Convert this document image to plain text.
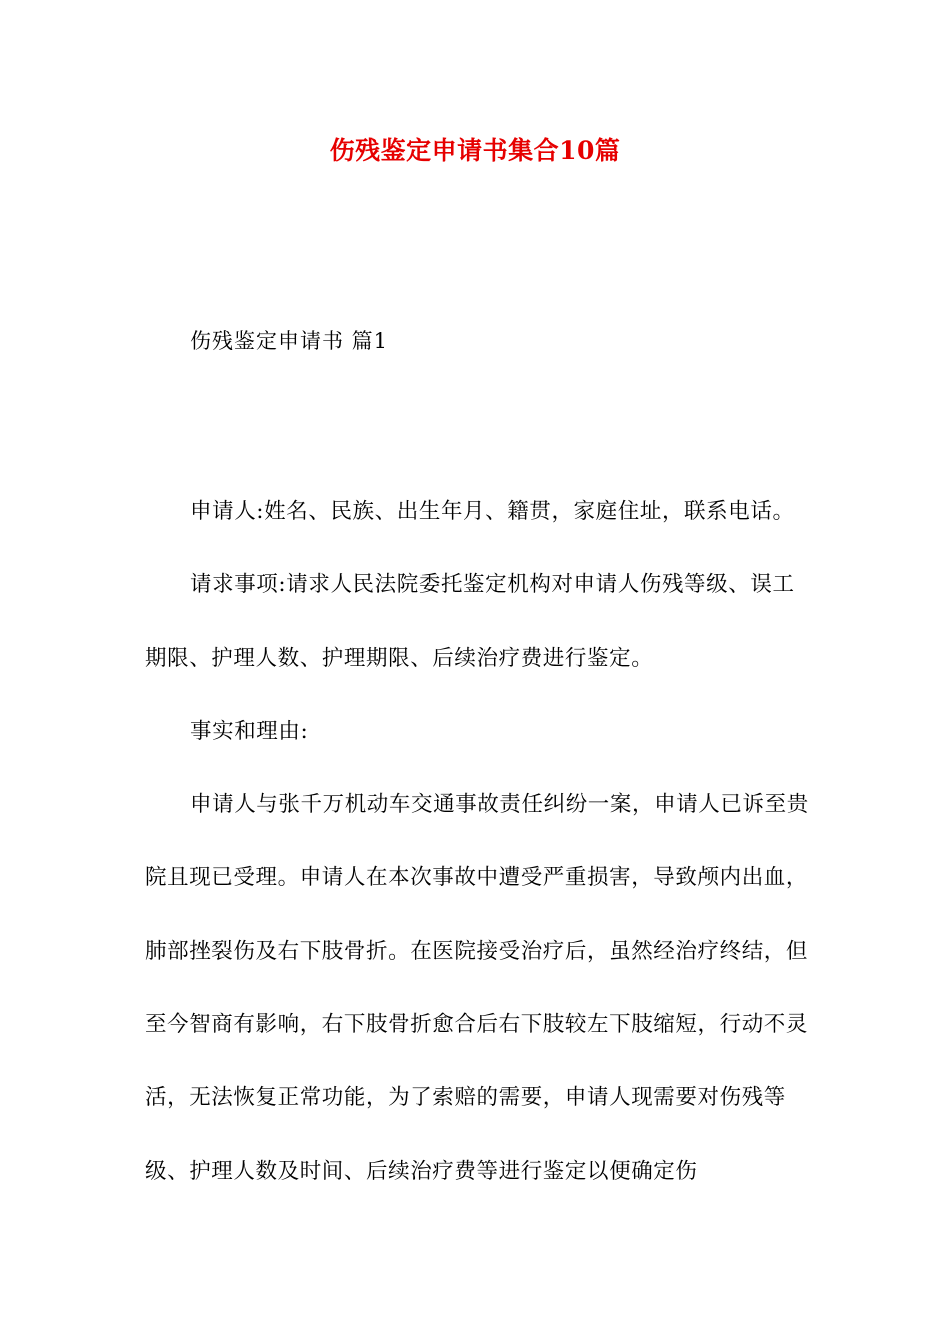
伤残鉴定申请书集合10篇
伤残鉴定申请书 篇1

申请人:姓名、民族、出生年月、籍贯，家庭住址，联系电话。

请求事项:请求人民法院委托鉴定机构对申请人伤残等级、误工期限、护理人数、护理期限、后续治疗费进行鉴定。

事实和理由:

申请人与张千万机动车交通事故责任纠纷一案，申请人已诉至贵院且现已受理。申请人在本次事故中遭受严重损害，导致颅内出血，肺部挫裂伤及右下肢骨折。在医院接受治疗后，虽然经治疗终结，但至今智商有影响，右下肢骨折愈合后右下肢较左下肢缩短，行动不灵活，无法恢复正常功能，为了索赔的需要，申请人现需要对伤残等级、护理人数及时间、后续治疗费等进行鉴定以便确定伤
